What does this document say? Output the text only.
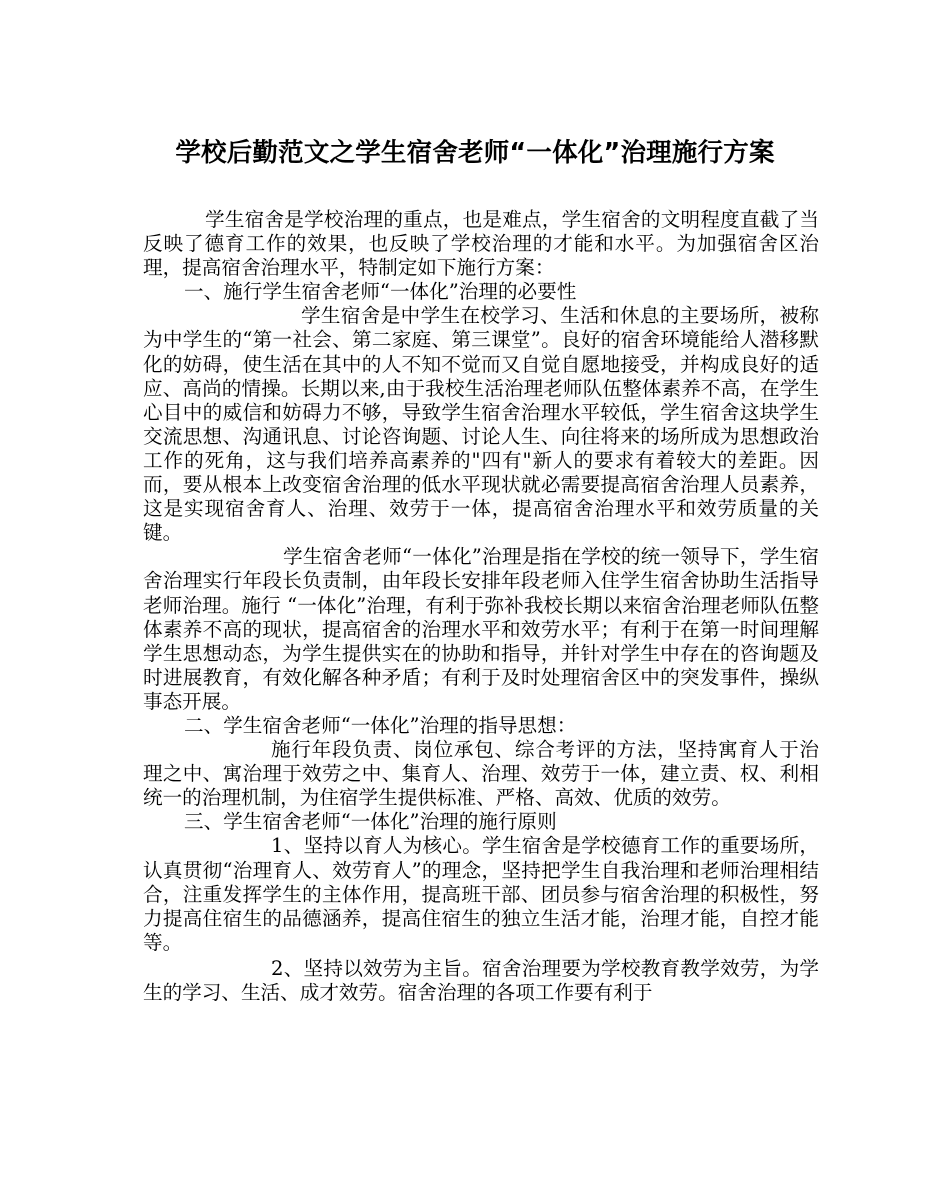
学校后勤范文之学生宿舍老师“一体化”治理施行方案

学生宿舍是学校治理的重点，也是难点，学生宿舍的文明程度直截了当反映了德育工作的效果，也反映了学校治理的才能和水平。为加强宿舍区治理，提高宿舍治理水平，特制定如下施行方案：

一、施行学生宿舍老师“一体化”治理的必要性

学生宿舍是中学生在校学习、生活和休息的主要场所，被称为中学生的“第一社会、第二家庭、第三课堂”。良好的宿舍环境能给人潜移默化的妨碍，使生活在其中的人不知不觉而又自觉自愿地接受，并构成良好的适应、高尚的情操。长期以来,由于我校生活治理老师队伍整体素养不高，在学生心目中的威信和妨碍力不够，导致学生宿舍治理水平较低，学生宿舍这块学生交流思想、沟通讯息、讨论咨询题、讨论人生、向往将来的场所成为思想政治工作的死角，这与我们培养高素养的"四有"新人的要求有着较大的差距。因而，要从根本上改变宿舍治理的低水平现状就必需要提高宿舍治理人员素养，这是实现宿舍育人、治理、效劳于一体，提高宿舍治理水平和效劳质量的关键。

学生宿舍老师“一体化”治理是指在学校的统一领导下，学生宿舍治理实行年段长负责制，由年段长安排年段老师入住学生宿舍协助生活指导老师治理。施行 “一体化”治理，有利于弥补我校长期以来宿舍治理老师队伍整体素养不高的现状，提高宿舍的治理水平和效劳水平；有利于在第一时间理解学生思想动态，为学生提供实在的协助和指导，并针对学生中存在的咨询题及时进展教育，有效化解各种矛盾；有利于及时处理宿舍区中的突发事件，操纵事态开展。

二、学生宿舍老师“一体化”治理的指导思想：

施行年段负责、岗位承包、综合考评的方法，坚持寓育人于治理之中、寓治理于效劳之中、集育人、治理、效劳于一体，建立责、权、利相统一的治理机制，为住宿学生提供标准、严格、高效、优质的效劳。

三、学生宿舍老师“一体化”治理的施行原则

1、坚持以育人为核心。学生宿舍是学校德育工作的重要场所，认真贯彻“治理育人、效劳育人”的理念，坚持把学生自我治理和老师治理相结合，注重发挥学生的主体作用，提高班干部、团员参与宿舍治理的积极性，努力提高住宿生的品德涵养，提高住宿生的独立生活才能，治理才能，自控才能等。

2、坚持以效劳为主旨。宿舍治理要为学校教育教学效劳，为学生的学习、生活、成才效劳。宿舍治理的各项工作要有利于
